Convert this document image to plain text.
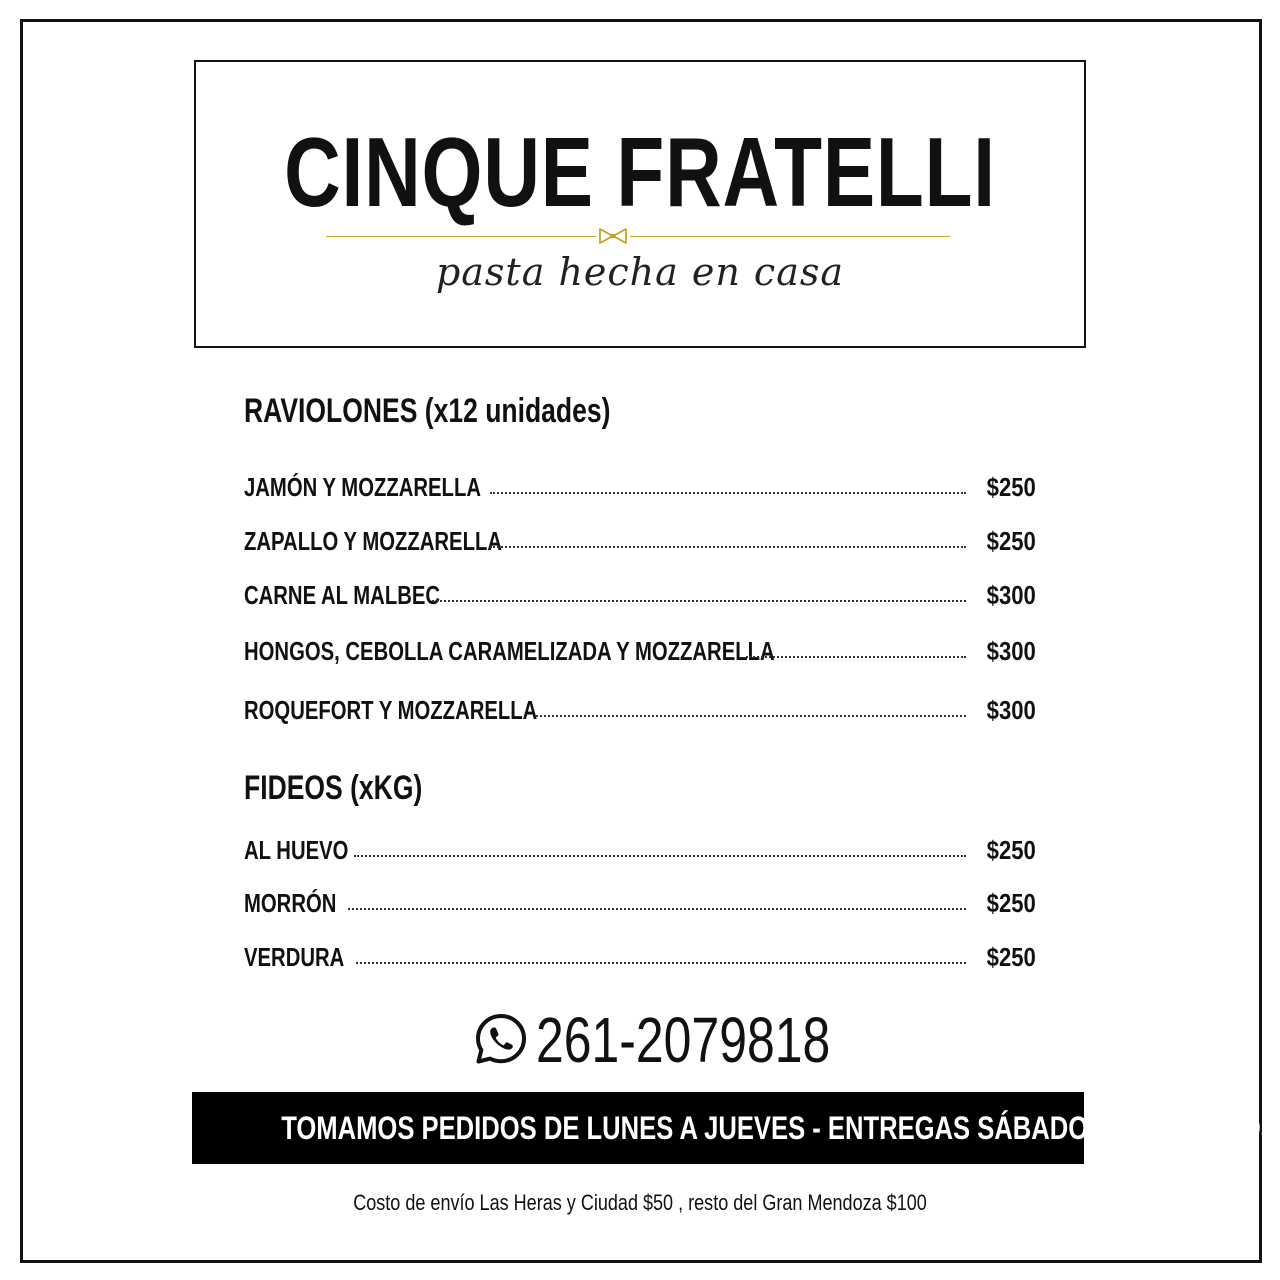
CINQUE FRATELLI
pasta hecha en casa
RAVIOLONES (x12 unidades)
JAMÓN Y MOZZARELLA	$250
ZAPALLO Y MOZZARELLA	$250
CARNE AL MALBEC	$300
HONGOS, CEBOLLA CARAMELIZADA Y MOZZARELLA	$300
ROQUEFORT Y MOZZARELLA	$300
FIDEOS (xKG)
AL HUEVO	$250
MORRÓN	$250
VERDURA	$250
261-2079818
TOMAMOS PEDIDOS DE LUNES A JUEVES - ENTREGAS SÁBADOS Y DOMINGOS
Costo de envío Las Heras y Ciudad $50 , resto del Gran Mendoza $100
